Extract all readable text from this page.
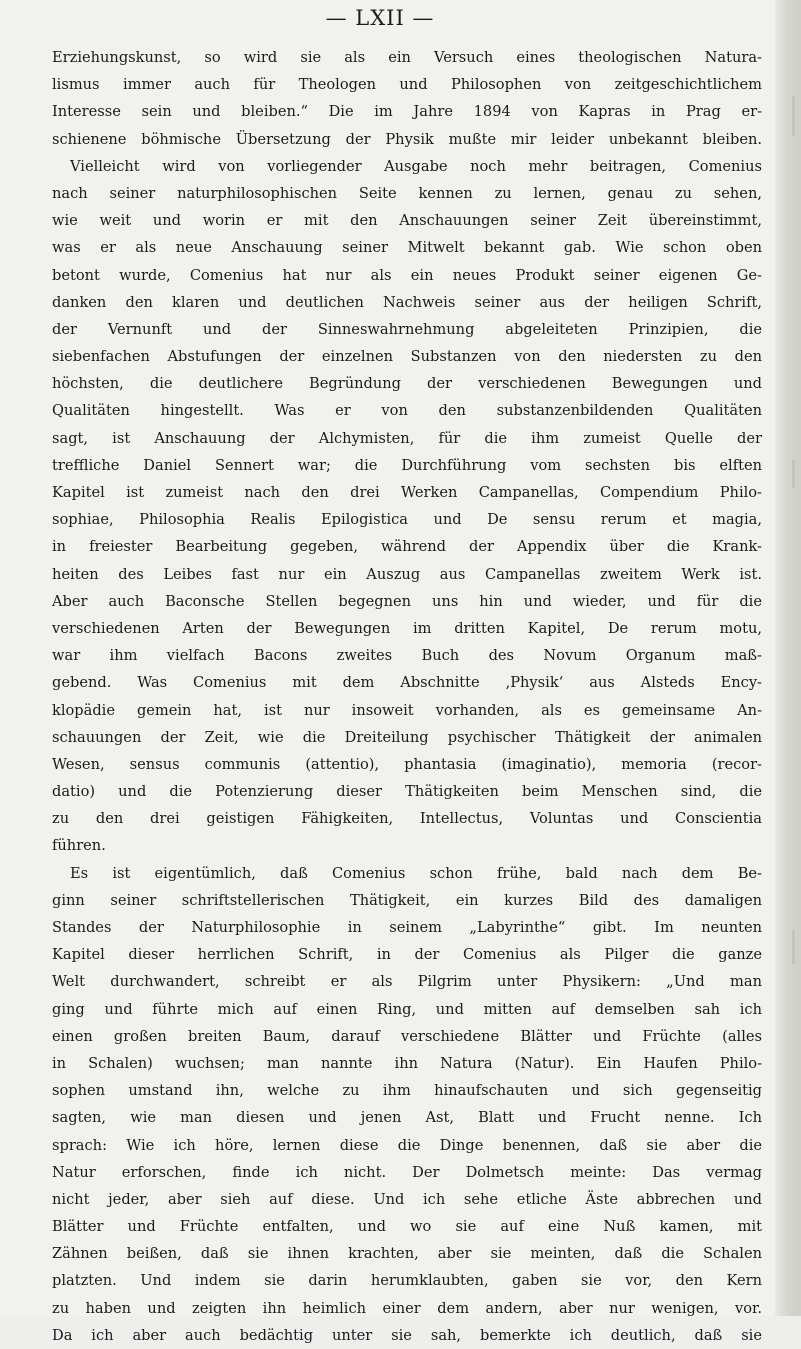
— LXII —
Erziehungskunst, so wird sie als ein Versuch eines theologischen Natura-
lismus immer auch für Theologen und Philosophen von zeitgeschichtlichem
Interesse sein und bleiben.“ Die im Jahre 1894 von Kapras in Prag er-
schienene böhmische Übersetzung der Physik mußte mir leider unbekannt bleiben.
Vielleicht wird von vorliegender Ausgabe noch mehr beitragen, Comenius
nach seiner naturphilosophischen Seite kennen zu lernen, genau zu sehen,
wie weit und worin er mit den Anschauungen seiner Zeit übereinstimmt,
was er als neue Anschauung seiner Mitwelt bekannt gab. Wie schon oben
betont wurde, Comenius hat nur als ein neues Produkt seiner eigenen Ge-
danken den klaren und deutlichen Nachweis seiner aus der heiligen Schrift,
der Vernunft und der Sinneswahrnehmung abgeleiteten Prinzipien, die
siebenfachen Abstufungen der einzelnen Substanzen von den niedersten zu den
höchsten, die deutlichere Begründung der verschiedenen Bewegungen und
Qualitäten hingestellt. Was er von den substanzenbildenden Qualitäten
sagt, ist Anschauung der Alchymisten, für die ihm zumeist Quelle der
treffliche Daniel Sennert war; die Durchführung vom sechsten bis elften
Kapitel ist zumeist nach den drei Werken Campanellas, Compendium Philo-
sophiae, Philosophia Realis Epilogistica und De sensu rerum et magia,
in freiester Bearbeitung gegeben, während der Appendix über die Krank-
heiten des Leibes fast nur ein Auszug aus Campanellas zweitem Werk ist.
Aber auch Baconsche Stellen begegnen uns hin und wieder, und für die
verschiedenen Arten der Bewegungen im dritten Kapitel, De rerum motu,
war ihm vielfach Bacons zweites Buch des Novum Organum maß-
gebend. Was Comenius mit dem Abschnitte ‚Physik‘ aus Alsteds Ency-
klopädie gemein hat, ist nur insoweit vorhanden, als es gemeinsame An-
schauungen der Zeit, wie die Dreiteilung psychischer Thätigkeit der animalen
Wesen, sensus communis (attentio), phantasia (imaginatio), memoria (recor-
datio) und die Potenzierung dieser Thätigkeiten beim Menschen sind, die
zu den drei geistigen Fähigkeiten, Intellectus, Voluntas und Conscientia
führen.
Es ist eigentümlich, daß Comenius schon frühe, bald nach dem Be-
ginn seiner schriftstellerischen Thätigkeit, ein kurzes Bild des damaligen
Standes der Naturphilosophie in seinem „Labyrinthe“ gibt. Im neunten
Kapitel dieser herrlichen Schrift, in der Comenius als Pilger die ganze
Welt durchwandert, schreibt er als Pilgrim unter Physikern: „Und man
ging und führte mich auf einen Ring, und mitten auf demselben sah ich
einen großen breiten Baum, darauf verschiedene Blätter und Früchte (alles
in Schalen) wuchsen; man nannte ihn Natura (Natur). Ein Haufen Philo-
sophen umstand ihn, welche zu ihm hinaufschauten und sich gegenseitig
sagten, wie man diesen und jenen Ast, Blatt und Frucht nenne. Ich
sprach: Wie ich höre, lernen diese die Dinge benennen, daß sie aber die
Natur erforschen, finde ich nicht. Der Dolmetsch meinte: Das vermag
nicht jeder, aber sieh auf diese. Und ich sehe etliche Äste abbrechen und
Blätter und Früchte entfalten, und wo sie auf eine Nuß kamen, mit
Zähnen beißen, daß sie ihnen krachten, aber sie meinten, daß die Schalen
platzten. Und indem sie darin herumklaubten, gaben sie vor, den Kern
zu haben und zeigten ihn heimlich einer dem andern, aber nur wenigen, vor.
Da ich aber auch bedächtig unter sie sah, bemerkte ich deutlich, daß sie
